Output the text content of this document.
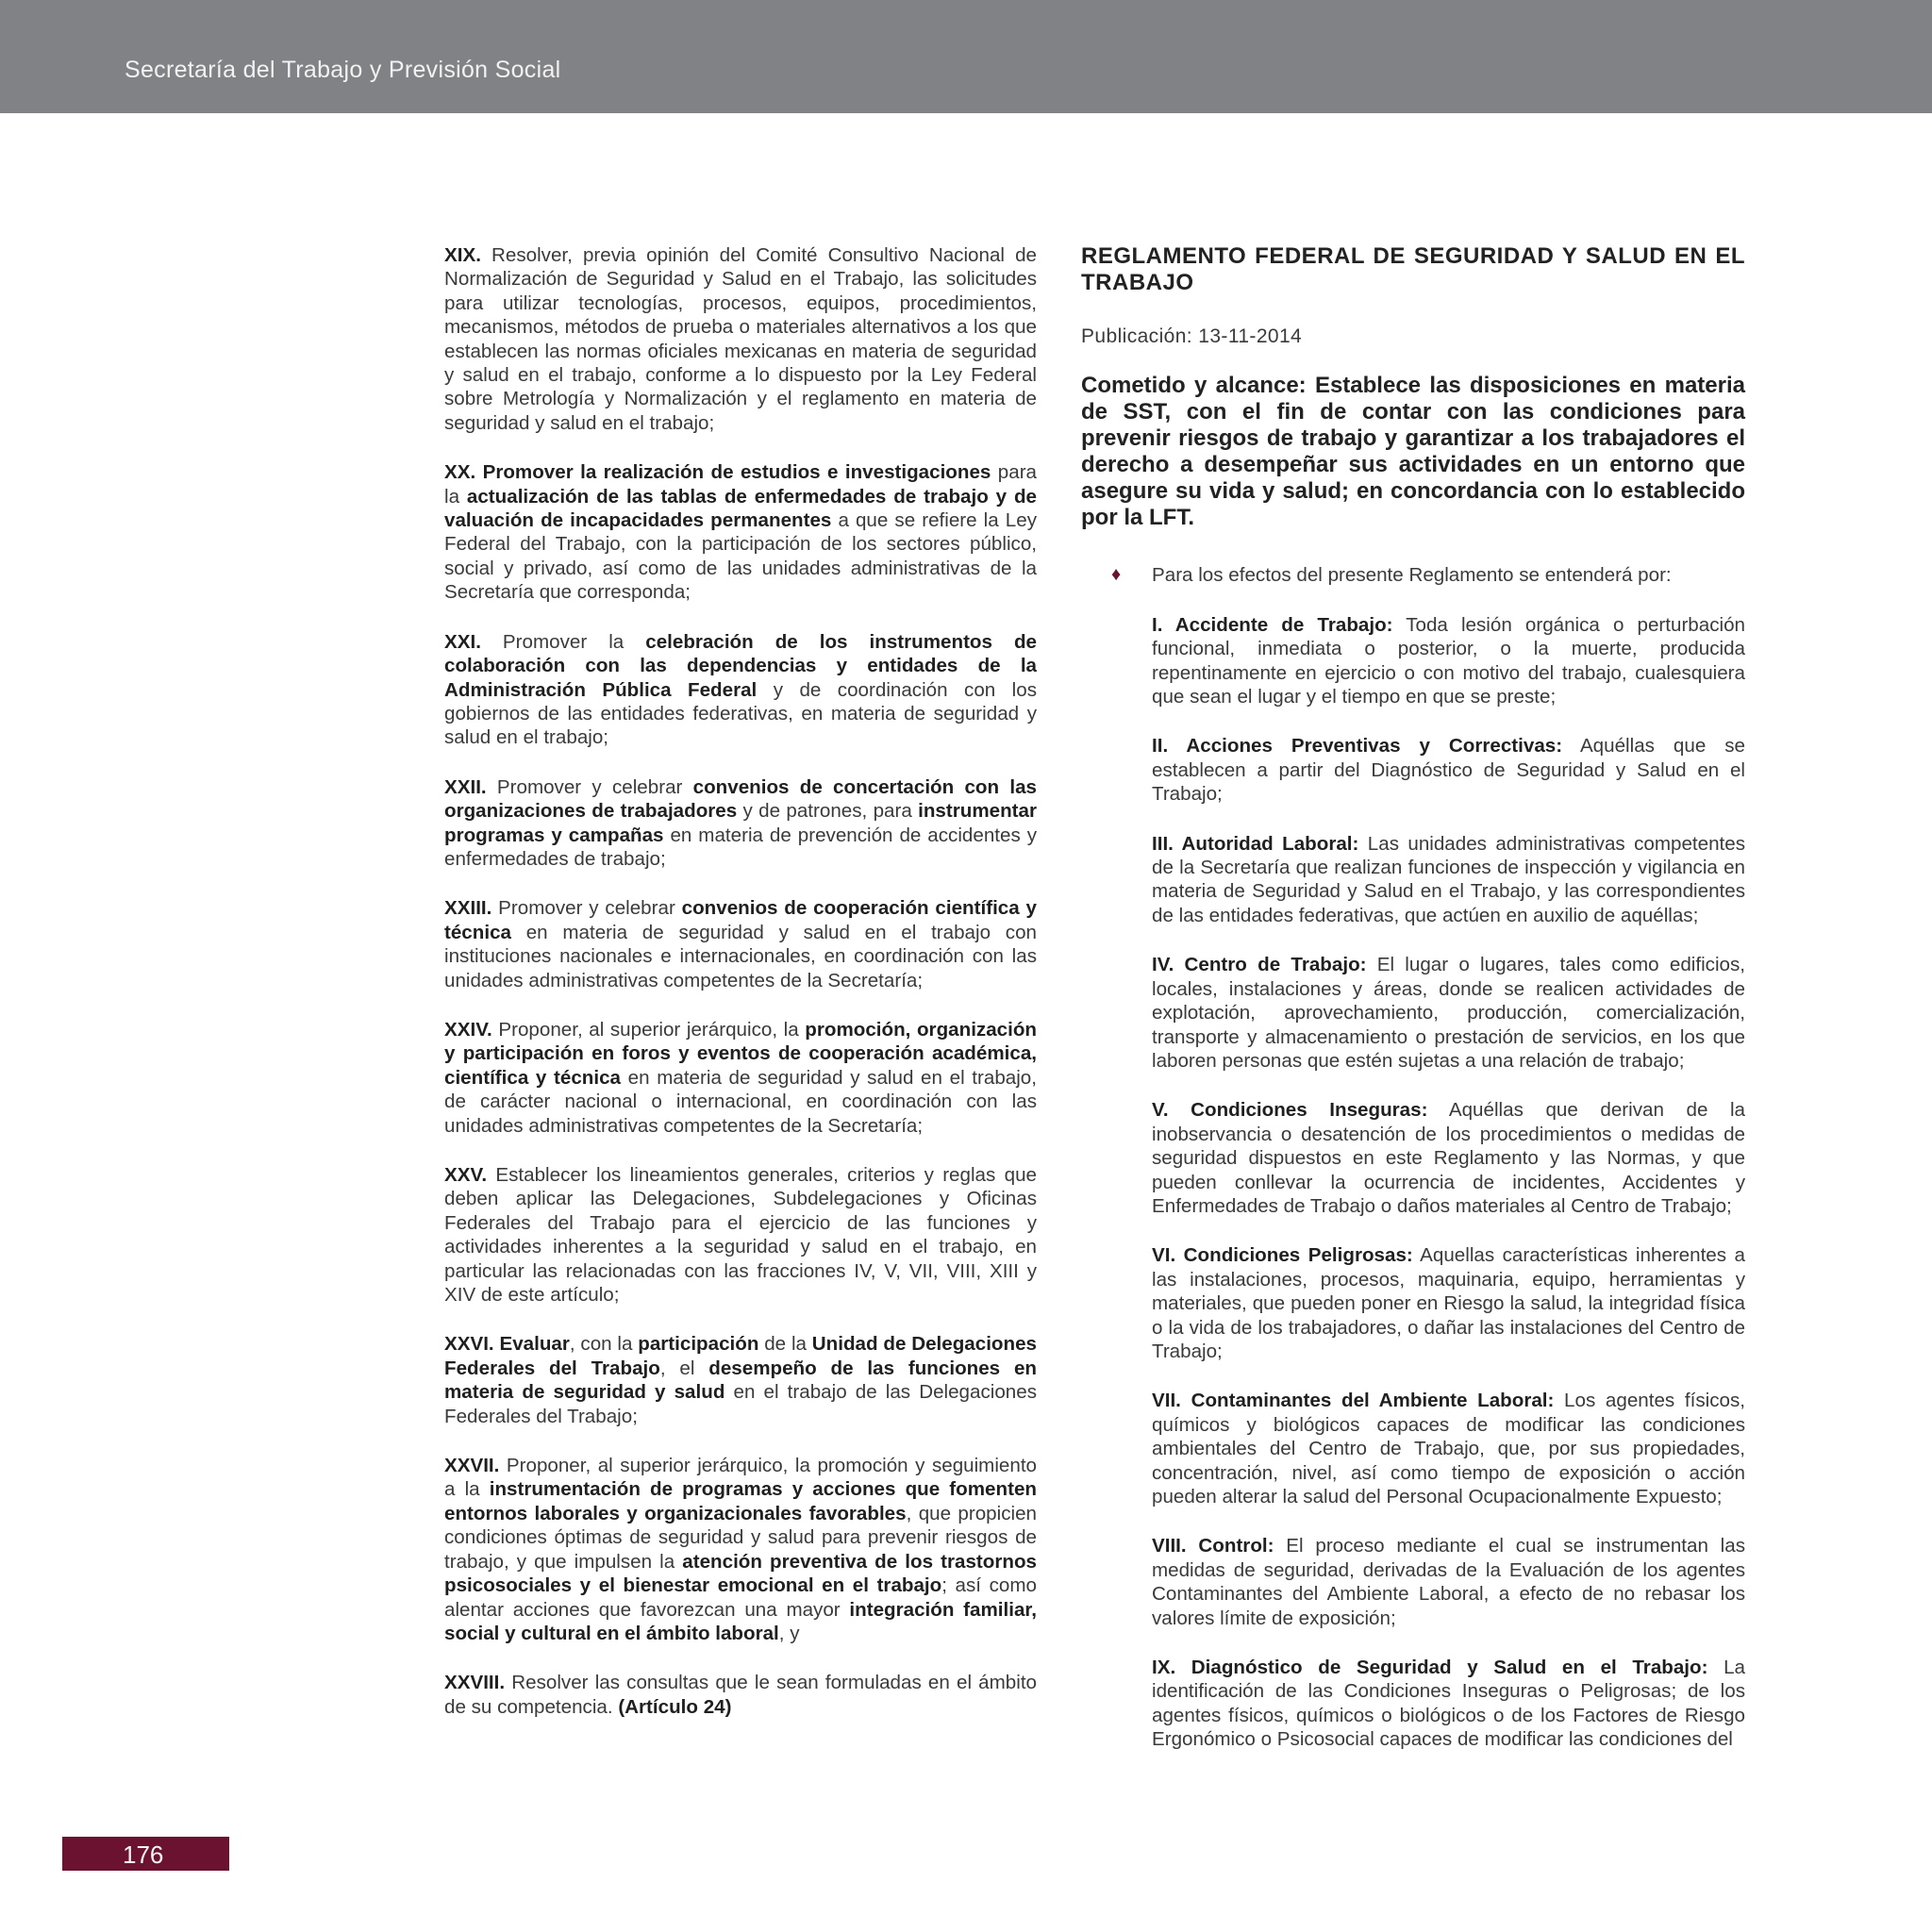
Secretaría del Trabajo y Previsión Social
XIX. Resolver, previa opinión del Comité Consultivo Nacional de Normalización de Seguridad y Salud en el Trabajo, las solicitudes para utilizar tecnologías, procesos, equipos, procedimientos, mecanismos, métodos de prueba o materiales alternativos a los que establecen las normas oficiales mexicanas en materia de seguridad y salud en el trabajo, conforme a lo dispuesto por la Ley Federal sobre Metrología y Normalización y el reglamento en materia de seguridad y salud en el trabajo;
XX. Promover la realización de estudios e investigaciones para la actualización de las tablas de enfermedades de trabajo y de valuación de incapacidades permanentes a que se refiere la Ley Federal del Trabajo, con la participación de los sectores público, social y privado, así como de las unidades administrativas de la Secretaría que corresponda;
XXI. Promover la celebración de los instrumentos de colaboración con las dependencias y entidades de la Administración Pública Federal y de coordinación con los gobiernos de las entidades federativas, en materia de seguridad y salud en el trabajo;
XXII. Promover y celebrar convenios de concertación con las organizaciones de trabajadores y de patrones, para instrumentar programas y campañas en materia de prevención de accidentes y enfermedades de trabajo;
XXIII. Promover y celebrar convenios de cooperación científica y técnica en materia de seguridad y salud en el trabajo con instituciones nacionales e internacionales, en coordinación con las unidades administrativas competentes de la Secretaría;
XXIV. Proponer, al superior jerárquico, la promoción, organización y participación en foros y eventos de cooperación académica, científica y técnica en materia de seguridad y salud en el trabajo, de carácter nacional o internacional, en coordinación con las unidades administrativas competentes de la Secretaría;
XXV. Establecer los lineamientos generales, criterios y reglas que deben aplicar las Delegaciones, Subdelegaciones y Oficinas Federales del Trabajo para el ejercicio de las funciones y actividades inherentes a la seguridad y salud en el trabajo, en particular las relacionadas con las fracciones IV, V, VII, VIII, XIII y XIV de este artículo;
XXVI. Evaluar, con la participación de la Unidad de Delegaciones Federales del Trabajo, el desempeño de las funciones en materia de seguridad y salud en el trabajo de las Delegaciones Federales del Trabajo;
XXVII. Proponer, al superior jerárquico, la promoción y seguimiento a la instrumentación de programas y acciones que fomenten entornos laborales y organizacionales favorables, que propicien condiciones óptimas de seguridad y salud para prevenir riesgos de trabajo, y que impulsen la atención preventiva de los trastornos psicosociales y el bienestar emocional en el trabajo; así como alentar acciones que favorezcan una mayor integración familiar, social y cultural en el ámbito laboral, y
XXVIII. Resolver las consultas que le sean formuladas en el ámbito de su competencia. (Artículo 24)
REGLAMENTO FEDERAL DE SEGURIDAD Y SALUD EN EL TRABAJO
Publicación: 13-11-2014
Cometido y alcance: Establece las disposiciones en materia de SST, con el fin de contar con las condiciones para prevenir riesgos de trabajo y garantizar a los trabajadores el derecho a desempeñar sus actividades en un entorno que asegure su vida y salud; en concordancia con lo establecido por la LFT.
♦ Para los efectos del presente Reglamento se entenderá por:
I. Accidente de Trabajo: Toda lesión orgánica o perturbación funcional, inmediata o posterior, o la muerte, producida repentinamente en ejercicio o con motivo del trabajo, cualesquiera que sean el lugar y el tiempo en que se preste;
II. Acciones Preventivas y Correctivas: Aquéllas que se establecen a partir del Diagnóstico de Seguridad y Salud en el Trabajo;
III. Autoridad Laboral: Las unidades administrativas competentes de la Secretaría que realizan funciones de inspección y vigilancia en materia de Seguridad y Salud en el Trabajo, y las correspondientes de las entidades federativas, que actúen en auxilio de aquéllas;
IV. Centro de Trabajo: El lugar o lugares, tales como edificios, locales, instalaciones y áreas, donde se realicen actividades de explotación, aprovechamiento, producción, comercialización, transporte y almacenamiento o prestación de servicios, en los que laboren personas que estén sujetas a una relación de trabajo;
V. Condiciones Inseguras: Aquéllas que derivan de la inobservancia o desatención de los procedimientos o medidas de seguridad dispuestos en este Reglamento y las Normas, y que pueden conllevar la ocurrencia de incidentes, Accidentes y Enfermedades de Trabajo o daños materiales al Centro de Trabajo;
VI. Condiciones Peligrosas: Aquellas características inherentes a las instalaciones, procesos, maquinaria, equipo, herramientas y materiales, que pueden poner en Riesgo la salud, la integridad física o la vida de los trabajadores, o dañar las instalaciones del Centro de Trabajo;
VII. Contaminantes del Ambiente Laboral: Los agentes físicos, químicos y biológicos capaces de modificar las condiciones ambientales del Centro de Trabajo, que, por sus propiedades, concentración, nivel, así como tiempo de exposición o acción pueden alterar la salud del Personal Ocupacionalmente Expuesto;
VIII. Control: El proceso mediante el cual se instrumentan las medidas de seguridad, derivadas de la Evaluación de los agentes Contaminantes del Ambiente Laboral, a efecto de no rebasar los valores límite de exposición;
IX. Diagnóstico de Seguridad y Salud en el Trabajo: La identificación de las Condiciones Inseguras o Peligrosas; de los agentes físicos, químicos o biológicos o de los Factores de Riesgo Ergonómico o Psicosocial capaces de modificar las condiciones del
176
